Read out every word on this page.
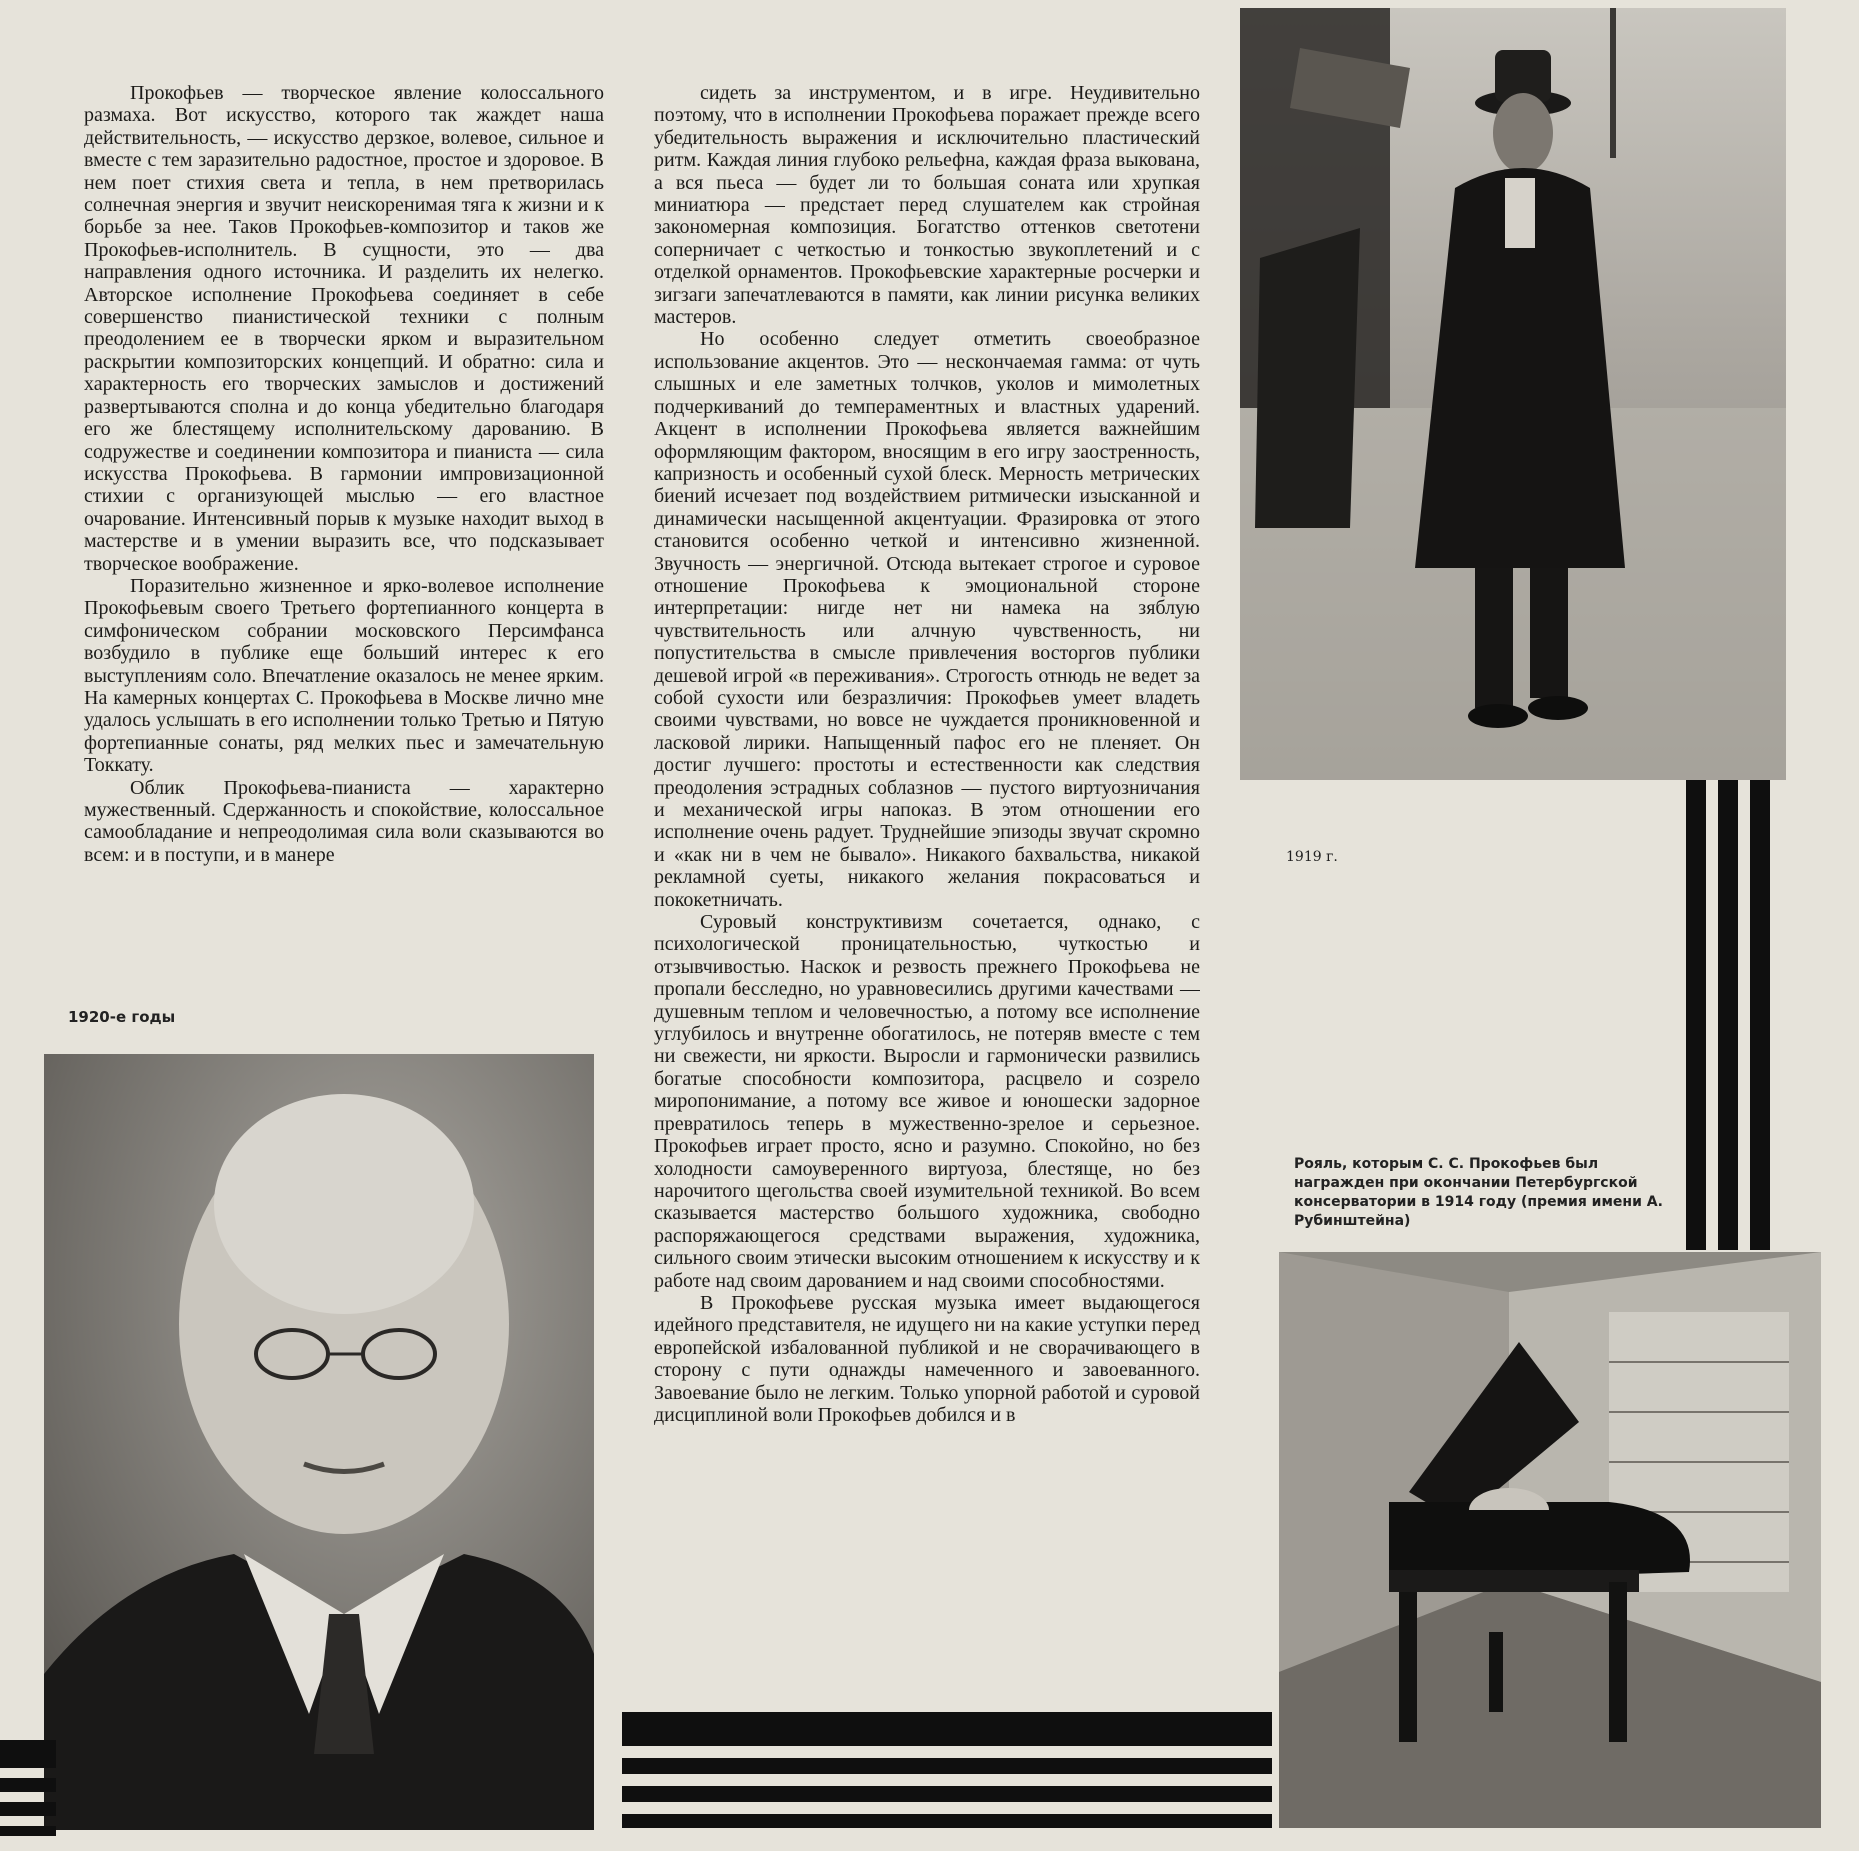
Прокофьев — творческое явление колоссального размаха. Вот искусство, которого так жаждет наша действительность, — искусство дерзкое, волевое, сильное и вместе с тем заразительно радостное, простое и здоровое. В нем поет стихия света и тепла, в нем претворилась солнечная энергия и звучит неискоренимая тяга к жизни и к борьбе за нее. Таков Прокофьев-композитор и таков же Прокофьев-исполнитель. В сущности, это — два направления одного источника. И разделить их нелегко. Авторское исполнение Прокофьева соединяет в себе совершенство пианистической техники с полным преодолением ее в творчески ярком и выразительном раскрытии композиторских концепций. И обратно: сила и характерность его творческих замыслов и достижений развертываются сполна и до конца убедительно благодаря его же блестящему исполнительскому дарованию. В содружестве и соединении композитора и пианиста — сила искусства Прокофьева. В гармонии импровизационной стихии с организующей мыслью — его властное очарование. Интенсивный порыв к музыке находит выход в мастерстве и в умении выразить все, что подсказывает творческое воображение.

Поразительно жизненное и ярко-волевое исполнение Прокофьевым своего Третьего фортепианного концерта в симфоническом собрании московского Персимфанса возбудило в публике еще больший интерес к его выступлениям соло. Впечатление оказалось не менее ярким. На камерных концертах С. Прокофьева в Москве лично мне удалось услышать в его исполнении только Третью и Пятую фортепианные сонаты, ряд мелких пьес и замечательную Токкату.

Облик Прокофьева-пианиста — характерно мужественный. Сдержанность и спокойствие, колоссальное самообладание и непреодолимая сила воли сказываются во всем: и в поступи, и в манере

сидеть за инструментом, и в игре. Неудивительно поэтому, что в исполнении Прокофьева поражает прежде всего убедительность выражения и исключительно пластический ритм. Каждая линия глубоко рельефна, каждая фраза выкована, а вся пьеса — будет ли то большая соната или хрупкая миниатюра — предстает перед слушателем как стройная закономерная композиция. Богатство оттенков светотени соперничает с четкостью и тонкостью звукоплетений и с отделкой орнаментов. Прокофьевские характерные росчерки и зигзаги запечатлеваются в памяти, как линии рисунка великих мастеров.

Но особенно следует отметить своеобразное использование акцентов. Это — нескончаемая гамма: от чуть слышных и еле заметных толчков, уколов и мимолетных подчеркиваний до темпераментных и властных ударений. Акцент в исполнении Прокофьева является важнейшим оформляющим фактором, вносящим в его игру заостренность, капризность и особенный сухой блеск. Мерность метрических биений исчезает под воздействием ритмически изысканной и динамически насыщенной акцентуации. Фразировка от этого становится особенно четкой и интенсивно жизненной. Звучность — энергичной. Отсюда вытекает строгое и суровое отношение Прокофьева к эмоциональной стороне интерпретации: нигде нет ни намека на зяблую чувствительность или алчную чувственность, ни попустительства в смысле привлечения восторгов публики дешевой игрой «в переживания». Строгость отнюдь не ведет за собой сухости или безразличия: Прокофьев умеет владеть своими чувствами, но вовсе не чуждается проникновенной и ласковой лирики. Напыщенный пафос его не пленяет. Он достиг лучшего: простоты и естественности как следствия преодоления эстрадных соблазнов — пустого виртуозничания и механической игры напоказ. В этом отношении его исполнение очень радует. Труднейшие эпизоды звучат скромно и «как ни в чем не бывало». Никакого бахвальства, никакой рекламной суеты, никакого желания покрасоваться и пококетничать.

Суровый конструктивизм сочетается, однако, с психологической проницательностью, чуткостью и отзывчивостью. Наскок и резвость прежнего Прокофьева не пропали бесследно, но уравновесились другими качествами — душевным теплом и человечностью, а потому все исполнение углубилось и внутренне обогатилось, не потеряв вместе с тем ни свежести, ни яркости. Выросли и гармонически развились богатые способности композитора, расцвело и созрело миропонимание, а потому все живое и юношески задорное превратилось теперь в мужественно-зрелое и серьезное. Прокофьев играет просто, ясно и разумно. Спокойно, но без холодности самоуверенного виртуоза, блестяще, но без нарочитого щегольства своей изумительной техникой. Во всем сказывается мастерство большого художника, свободно распоряжающегося средствами выражения, художника, сильного своим этически высоким отношением к искусству и к работе над своим дарованием и над своими способностями.

В Прокофьеве русская музыка имеет выдающегося идейного представителя, не идущего ни на какие уступки перед европейской избалованной публикой и не сворачивающего в сторону с пути однажды намеченного и завоеванного. Завоевание было не легким. Только упорной работой и суровой дисциплиной воли Прокофьев добился и в

1919 г.
Рояль, которым С. С. Прокофьев был награжден при окончании Петербургской консерватории в 1914 году (премия имени А. Рубинштейна)
1920-е годы
